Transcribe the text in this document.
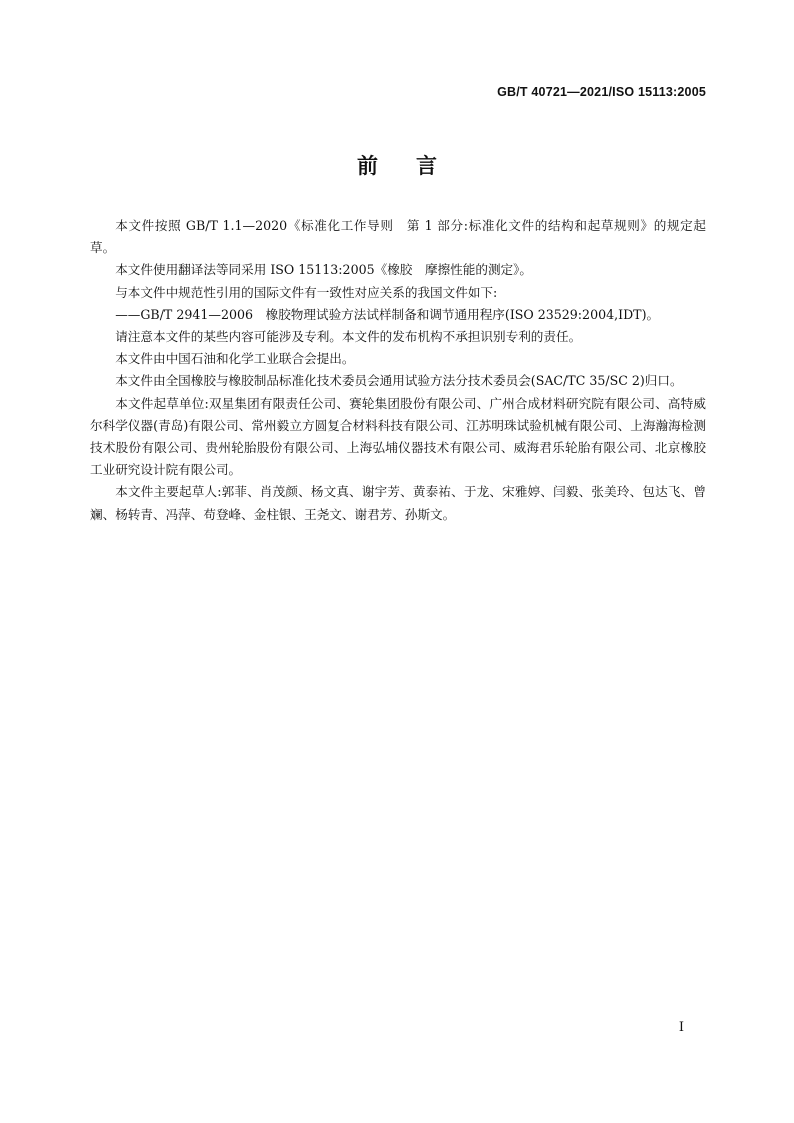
GB/T 40721—2021/ISO 15113:2005
前言

本文件按照 GB/T 1.1—2020《标准化工作导则　第 1 部分:标准化文件的结构和起草规则》的规定起草。

本文件使用翻译法等同采用 ISO 15113:2005《橡胶　摩擦性能的测定》。

与本文件中规范性引用的国际文件有一致性对应关系的我国文件如下:

——GB/T 2941—2006　橡胶物理试验方法试样制备和调节通用程序(ISO 23529:2004,IDT)。

请注意本文件的某些内容可能涉及专利。本文件的发布机构不承担识别专利的责任。

本文件由中国石油和化学工业联合会提出。

本文件由全国橡胶与橡胶制品标准化技术委员会通用试验方法分技术委员会(SAC/TC 35/SC 2)归口。

本文件起草单位:双星集团有限责任公司、赛轮集团股份有限公司、广州合成材料研究院有限公司、高特威尔科学仪器(青岛)有限公司、常州毅立方圆复合材料科技有限公司、江苏明珠试验机械有限公司、上海瀚海检测技术股份有限公司、贵州轮胎股份有限公司、上海弘埔仪器技术有限公司、威海君乐轮胎有限公司、北京橡胶工业研究设计院有限公司。

本文件主要起草人:郭菲、肖茂颜、杨文真、谢宇芳、黄泰祐、于龙、宋雅婷、闫毅、张美玲、包达飞、曾斓、杨转青、冯萍、苟登峰、金柱银、王尧文、谢君芳、孙斯文。

I
